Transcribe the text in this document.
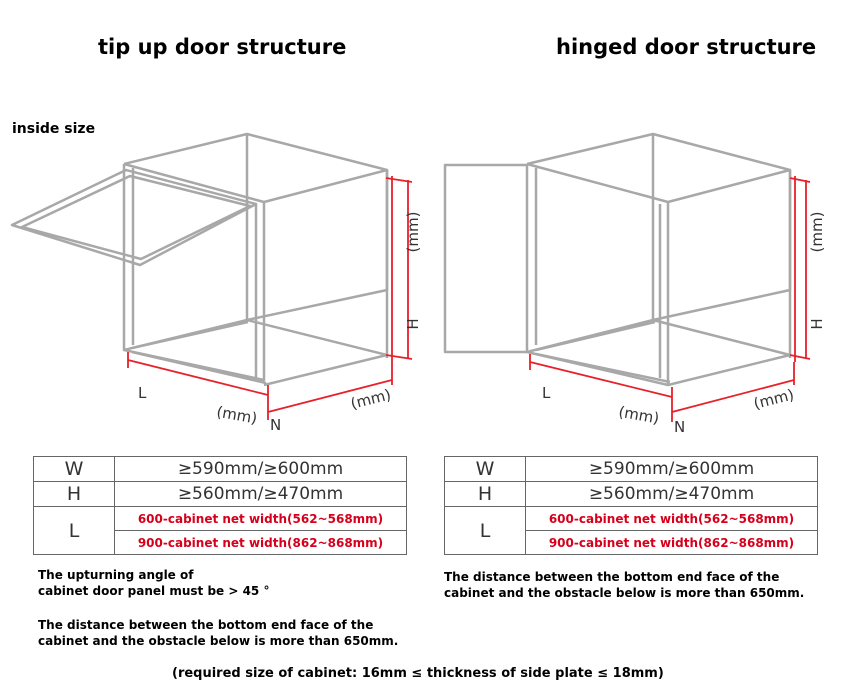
tip up door structure	hinged door structure
inside size
(mm)
H
L
(mm) N
(mm)
(mm)
H
L
(mm) N
(mm)
W	≥590mm/≥600mm
H	≥560mm/≥470mm
L	600-cabinet net width(562~568mm)
	900-cabinet net width(862~868mm)
W	≥590mm/≥600mm
H	≥560mm/≥470mm
L	600-cabinet net width(562~568mm)
	900-cabinet net width(862~868mm)
The upturning angle of
cabinet door panel must be > 45 °
The distance between the bottom end face of the
cabinet and the obstacle below is more than 650mm.
The distance between the bottom end face of the
cabinet and the obstacle below is more than 650mm.
(required size of cabinet: 16mm ≤ thickness of side plate ≤ 18mm)
